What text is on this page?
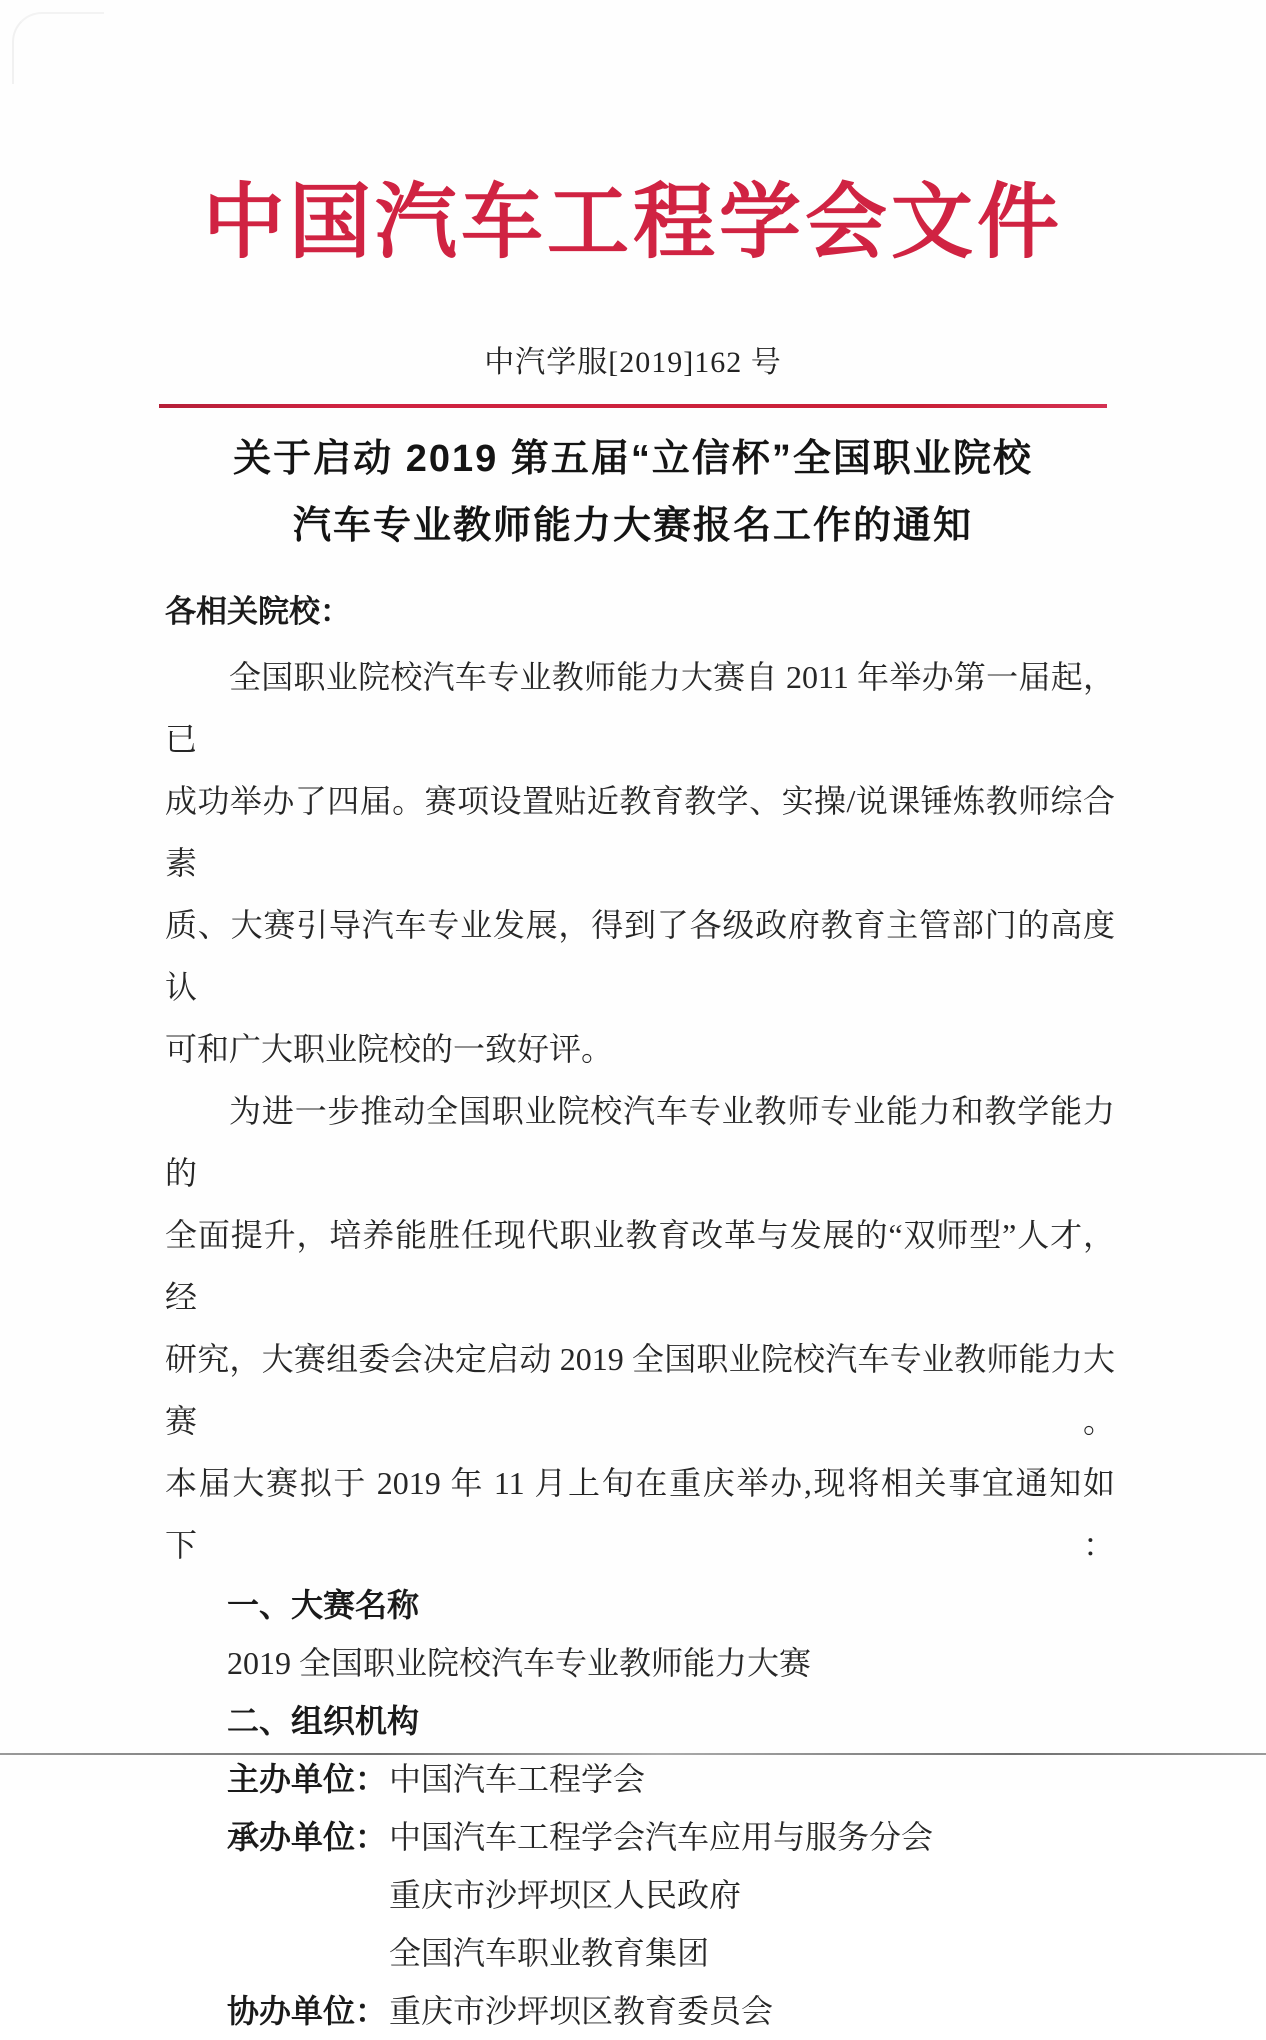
中国汽车工程学会文件
中汽学服[2019]162 号
关于启动 2019 第五届“立信杯”全国职业院校
汽车专业教师能力大赛报名工作的通知
各相关院校：
全国职业院校汽车专业教师能力大赛自 2011 年举办第一届起，已
成功举办了四届。赛项设置贴近教育教学、实操/说课锤炼教师综合素
质、大赛引导汽车专业发展，得到了各级政府教育主管部门的高度认
可和广大职业院校的一致好评。
为进一步推动全国职业院校汽车专业教师专业能力和教学能力的
全面提升，培养能胜任现代职业教育改革与发展的“双师型”人才，经
研究，大赛组委会决定启动 2019 全国职业院校汽车专业教师能力大赛。
本届大赛拟于 2019 年 11 月上旬在重庆举办,现将相关事宜通知如下：
一、大赛名称
2019 全国职业院校汽车专业教师能力大赛
二、组织机构
主办单位： 中国汽车工程学会
承办单位： 中国汽车工程学会汽车应用与服务分会
重庆市沙坪坝区人民政府
全国汽车职业教育集团
协办单位： 重庆市沙坪坝区教育委员会
